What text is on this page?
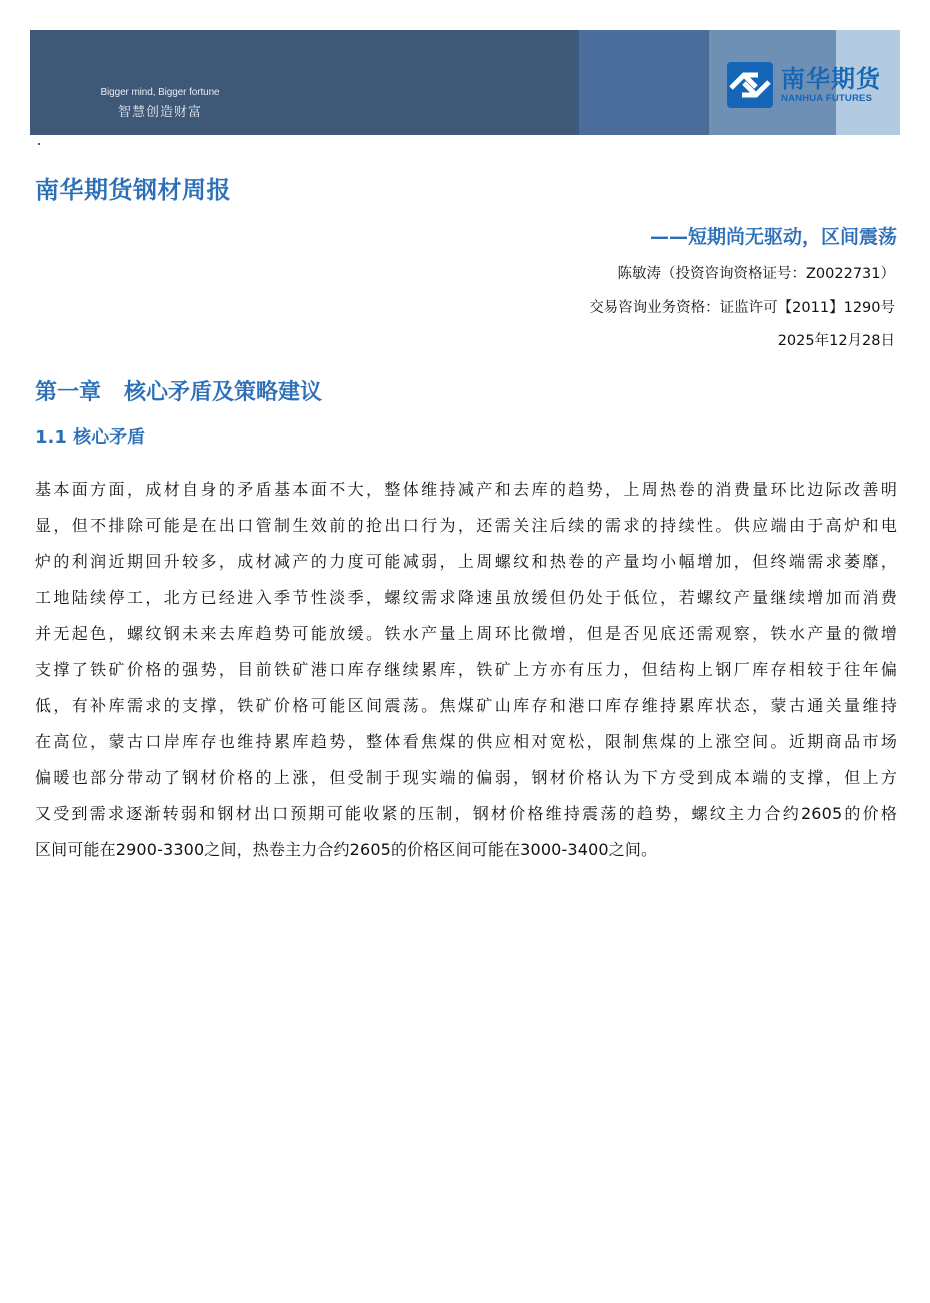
Bigger mind, Bigger fortune
智慧创造财富
南华期货
NANHUA FUTURES
南华期货钢材周报
——短期尚无驱动，区间震荡
陈敏涛（投资咨询资格证号：Z0022731）
交易咨询业务资格：证监许可【2011】1290号
2025年12月28日
第一章   核心矛盾及策略建议
1.1 核心矛盾
基本面方面，成材自身的矛盾基本面不大，整体维持减产和去库的趋势，上周热卷的消费量环比边际改善明
显，但不排除可能是在出口管制生效前的抢出口行为，还需关注后续的需求的持续性。供应端由于高炉和电
炉的利润近期回升较多，成材减产的力度可能减弱，上周螺纹和热卷的产量均小幅增加，但终端需求萎靡，
工地陆续停工，北方已经进入季节性淡季，螺纹需求降速虽放缓但仍处于低位，若螺纹产量继续增加而消费
并无起色，螺纹钢未来去库趋势可能放缓。铁水产量上周环比微增，但是否见底还需观察，铁水产量的微增
支撑了铁矿价格的强势，目前铁矿港口库存继续累库，铁矿上方亦有压力，但结构上钢厂库存相较于往年偏
低，有补库需求的支撑，铁矿价格可能区间震荡。焦煤矿山库存和港口库存维持累库状态，蒙古通关量维持
在高位，蒙古口岸库存也维持累库趋势，整体看焦煤的供应相对宽松，限制焦煤的上涨空间。近期商品市场
偏暖也部分带动了钢材价格的上涨，但受制于现实端的偏弱，钢材价格认为下方受到成本端的支撑，但上方
又受到需求逐渐转弱和钢材出口预期可能收紧的压制，钢材价格维持震荡的趋势，螺纹主力合约2605的价格
区间可能在2900-3300之间，热卷主力合约2605的价格区间可能在3000-3400之间。
